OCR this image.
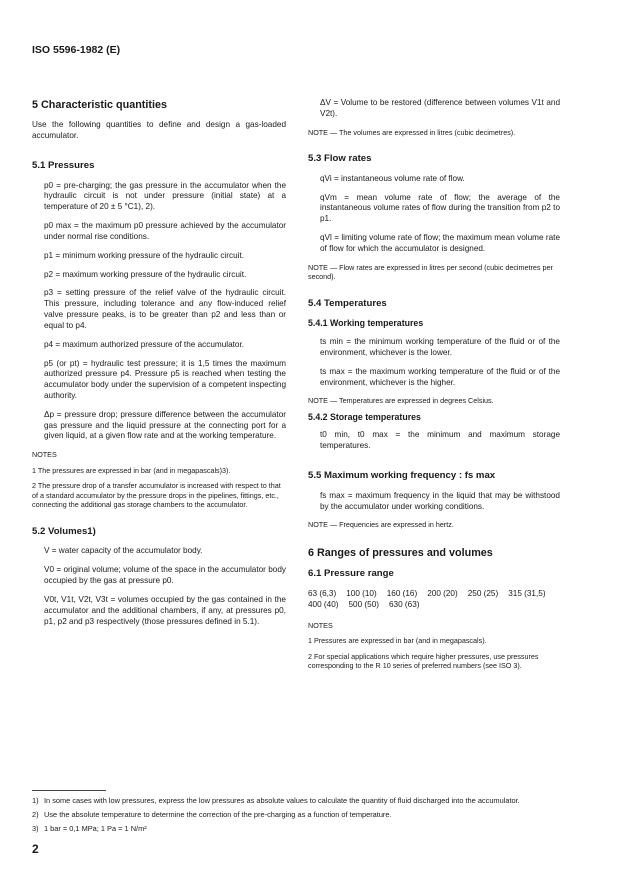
ISO 5596-1982 (E)
5 Characteristic quantities

Use the following quantities to define and design a gas-loaded accumulator.

5.1 Pressures

p0 = pre-charging; the gas pressure in the accumulator when the hydraulic circuit is not under pressure (initial state) at a temperature of 20 ± 5 °C1), 2).

p0 max = the maximum p0 pressure achieved by the accumulator under normal rise conditions.

p1 = minimum working pressure of the hydraulic circuit.

p2 = maximum working pressure of the hydraulic circuit.

p3 = setting pressure of the relief valve of the hydraulic circuit. This pressure, including tolerance and any flow-induced relief valve pressure peaks, is to be greater than p2 and less than or equal to p4.

p4 = maximum authorized pressure of the accumulator.

p5 (or pt) = hydraulic test pressure; it is 1,5 times the maximum authorized pressure p4. Pressure p5 is reached when testing the accumulator body under the supervision of a competent inspecting authority.

Δp = pressure drop; pressure difference between the accumulator gas pressure and the liquid pressure at the connecting port for a given liquid, at a given flow rate and at the working temperature.

NOTES
1 The pressures are expressed in bar (and in megapascals)3).
2 The pressure drop of a transfer accumulator is increased with respect to that of a standard accumulator by the pressure drops in the pipelines, fittings, etc., connecting the additional gas storage chambers to the accumulator.
5.2 Volumes1)

V = water capacity of the accumulator body.

V0 = original volume; volume of the space in the accumulator body occupied by the gas at pressure p0.

V0t, V1t, V2t, V3t = volumes occupied by the gas contained in the accumulator and the additional chambers, if any, at pressures p0, p1, p2 and p3 respectively (those pressures defined in 5.1).

ΔV = Volume to be restored (difference between volumes V1t and V2t).

NOTE — The volumes are expressed in litres (cubic decimetres).
5.3 Flow rates

qVi = instantaneous volume rate of flow.

qVm = mean volume rate of flow; the average of the instantaneous volume rates of flow during the transition from p2 to p1.

qVl = limiting volume rate of flow; the maximum mean volume rate of flow for which the accumulator is designed.

NOTE — Flow rates are expressed in litres per second (cubic decimetres per second).
5.4 Temperatures
5.4.1 Working temperatures

ts min = the minimum working temperature of the fluid or of the environment, whichever is the lower.

ts max = the maximum working temperature of the fluid or of the environment, whichever is the higher.

NOTE — Temperatures are expressed in degrees Celsius.
5.4.2 Storage temperatures

t0 min, t0 max = the minimum and maximum storage temperatures.

5.5 Maximum working frequency : fs max

fs max = maximum frequency in the liquid that may be withstood by the accumulator under working conditions.

NOTE — Frequencies are expressed in hertz.
6 Ranges of pressures and volumes
6.1 Pressure range
63 (6,3) 100 (10) 160 (16) 200 (20) 250 (25) 315 (31,5)
400 (40) 500 (50) 630 (63)
NOTES
1 Pressures are expressed in bar (and in megapascals).
2 For special applications which require higher pressures, use pressures corresponding to the R 10 series of preferred numbers (see ISO 3).
1) In some cases with low pressures, express the low pressures as absolute values to calculate the quantity of fluid discharged into the accumulator.
2) Use the absolute temperature to determine the correction of the pre-charging as a function of temperature.
3) 1 bar = 0,1 MPa; 1 Pa = 1 N/m²
2
